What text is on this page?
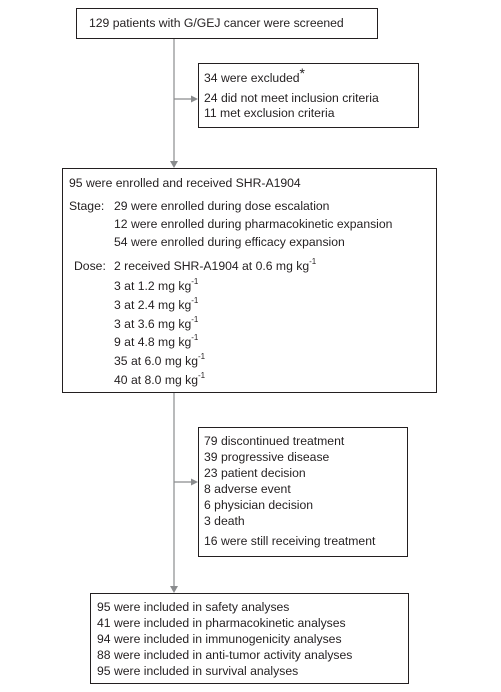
129 patients with G/GEJ cancer were screened
34 were excluded*
24 did not meet inclusion criteria
11 met exclusion criteria
95 were enrolled and received SHR-A1904
Stage: 29 were enrolled during dose escalation
12 were enrolled during pharmacokinetic expansion
54 were enrolled during efficacy expansion
Dose: 2 received SHR-A1904 at 0.6 mg $kg^{-1}$
3 at 1.2 mg $kg^{-1}$
3 at 2.4 mg $kg^{-1}$
3 at 3.6 mg $kg^{-1}$
9 at 4.8 mg $kg^{-1}$
35 at 6.0 mg $kg^{-1}$
40 at 8.0 mg $kg^{-1}$
79 discontinued treatment
39 progressive disease
23 patient decision
8 adverse event
6 physician decision
3 death
16 were still receiving treatment
95 were included in safety analyses
41 were included in pharmacokinetic analyses
94 were included in immunogenicity analyses
88 were included in anti-tumor activity analyses
95 were included in survival analyses
